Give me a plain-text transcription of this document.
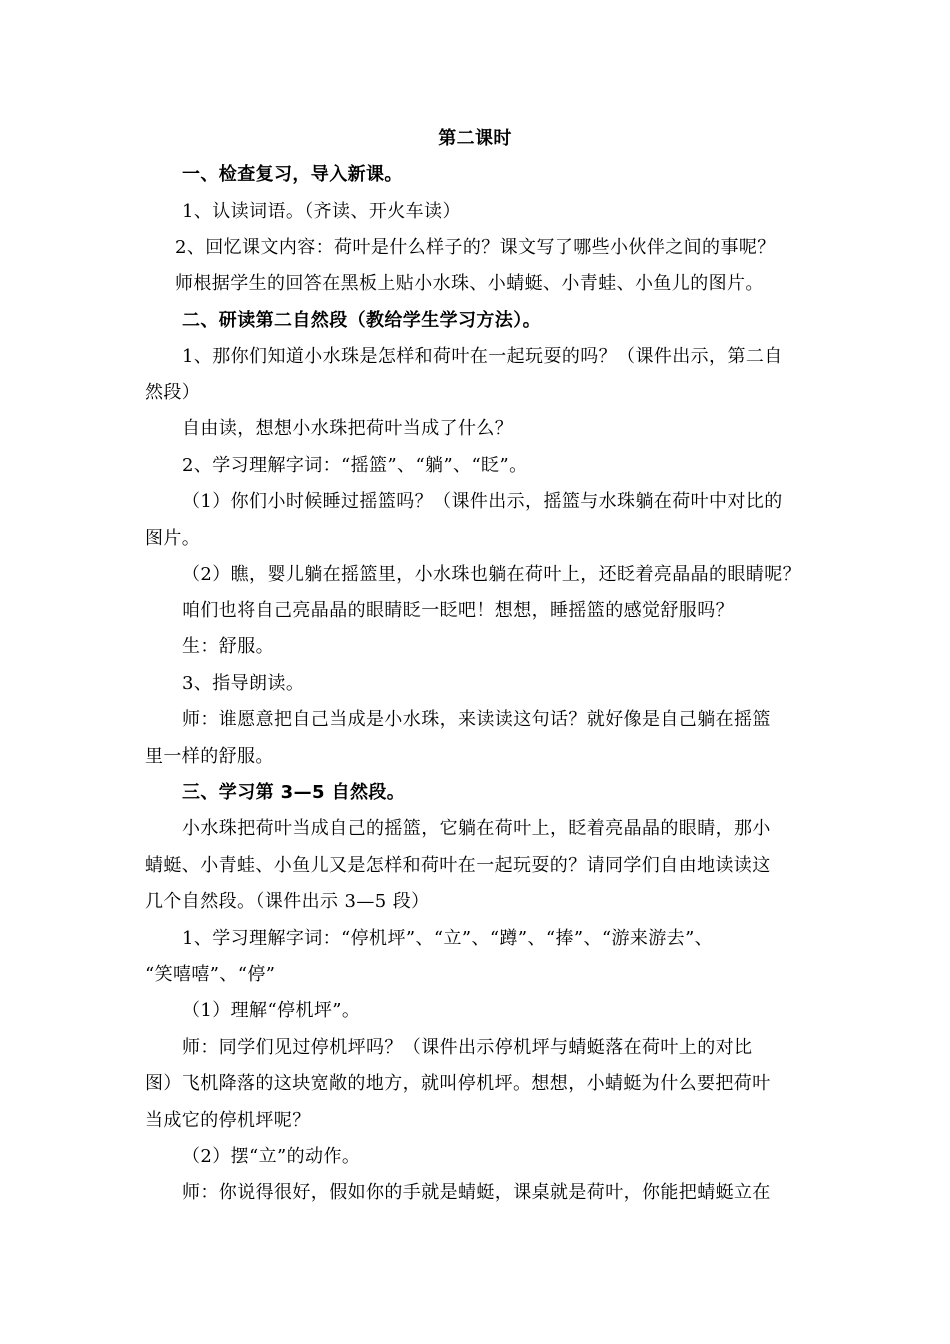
第二课时
一、检查复习，导入新课。
1、认读词语。（齐读、开火车读）
2、回忆课文内容：荷叶是什么样子的？课文写了哪些小伙伴之间的事呢？
师根据学生的回答在黑板上贴小水珠、小蜻蜓、小青蛙、小鱼儿的图片。
二、研读第二自然段（教给学生学习方法）。
1、那你们知道小水珠是怎样和荷叶在一起玩耍的吗？（课件出示，第二自
然段）
自由读，想想小水珠把荷叶当成了什么？
2、学习理解字词：“摇篮”、“躺”、“眨”。
（1）你们小时候睡过摇篮吗？（课件出示，摇篮与水珠躺在荷叶中对比的
图片。
（2）瞧，婴儿躺在摇篮里，小水珠也躺在荷叶上，还眨着亮晶晶的眼睛呢？
咱们也将自己亮晶晶的眼睛眨一眨吧！想想，睡摇篮的感觉舒服吗？
生：舒服。
3、指导朗读。
师：谁愿意把自己当成是小水珠，来读读这句话？就好像是自己躺在摇篮
里一样的舒服。
三、学习第 3—5 自然段。
小水珠把荷叶当成自己的摇篮，它躺在荷叶上，眨着亮晶晶的眼睛，那小
蜻蜓、小青蛙、小鱼儿又是怎样和荷叶在一起玩耍的？请同学们自由地读读这
几个自然段。（课件出示 3—5 段）
1、学习理解字词：“停机坪”、“立”、“蹲”、“捧”、“游来游去”、
“笑嘻嘻”、“停”
（1）理解“停机坪”。
师：同学们见过停机坪吗？（课件出示停机坪与蜻蜓落在荷叶上的对比
图）飞机降落的这块宽敞的地方，就叫停机坪。想想，小蜻蜓为什么要把荷叶
当成它的停机坪呢？
（2）摆“立”的动作。
师：你说得很好，假如你的手就是蜻蜓，课桌就是荷叶，你能把蜻蜓立在
